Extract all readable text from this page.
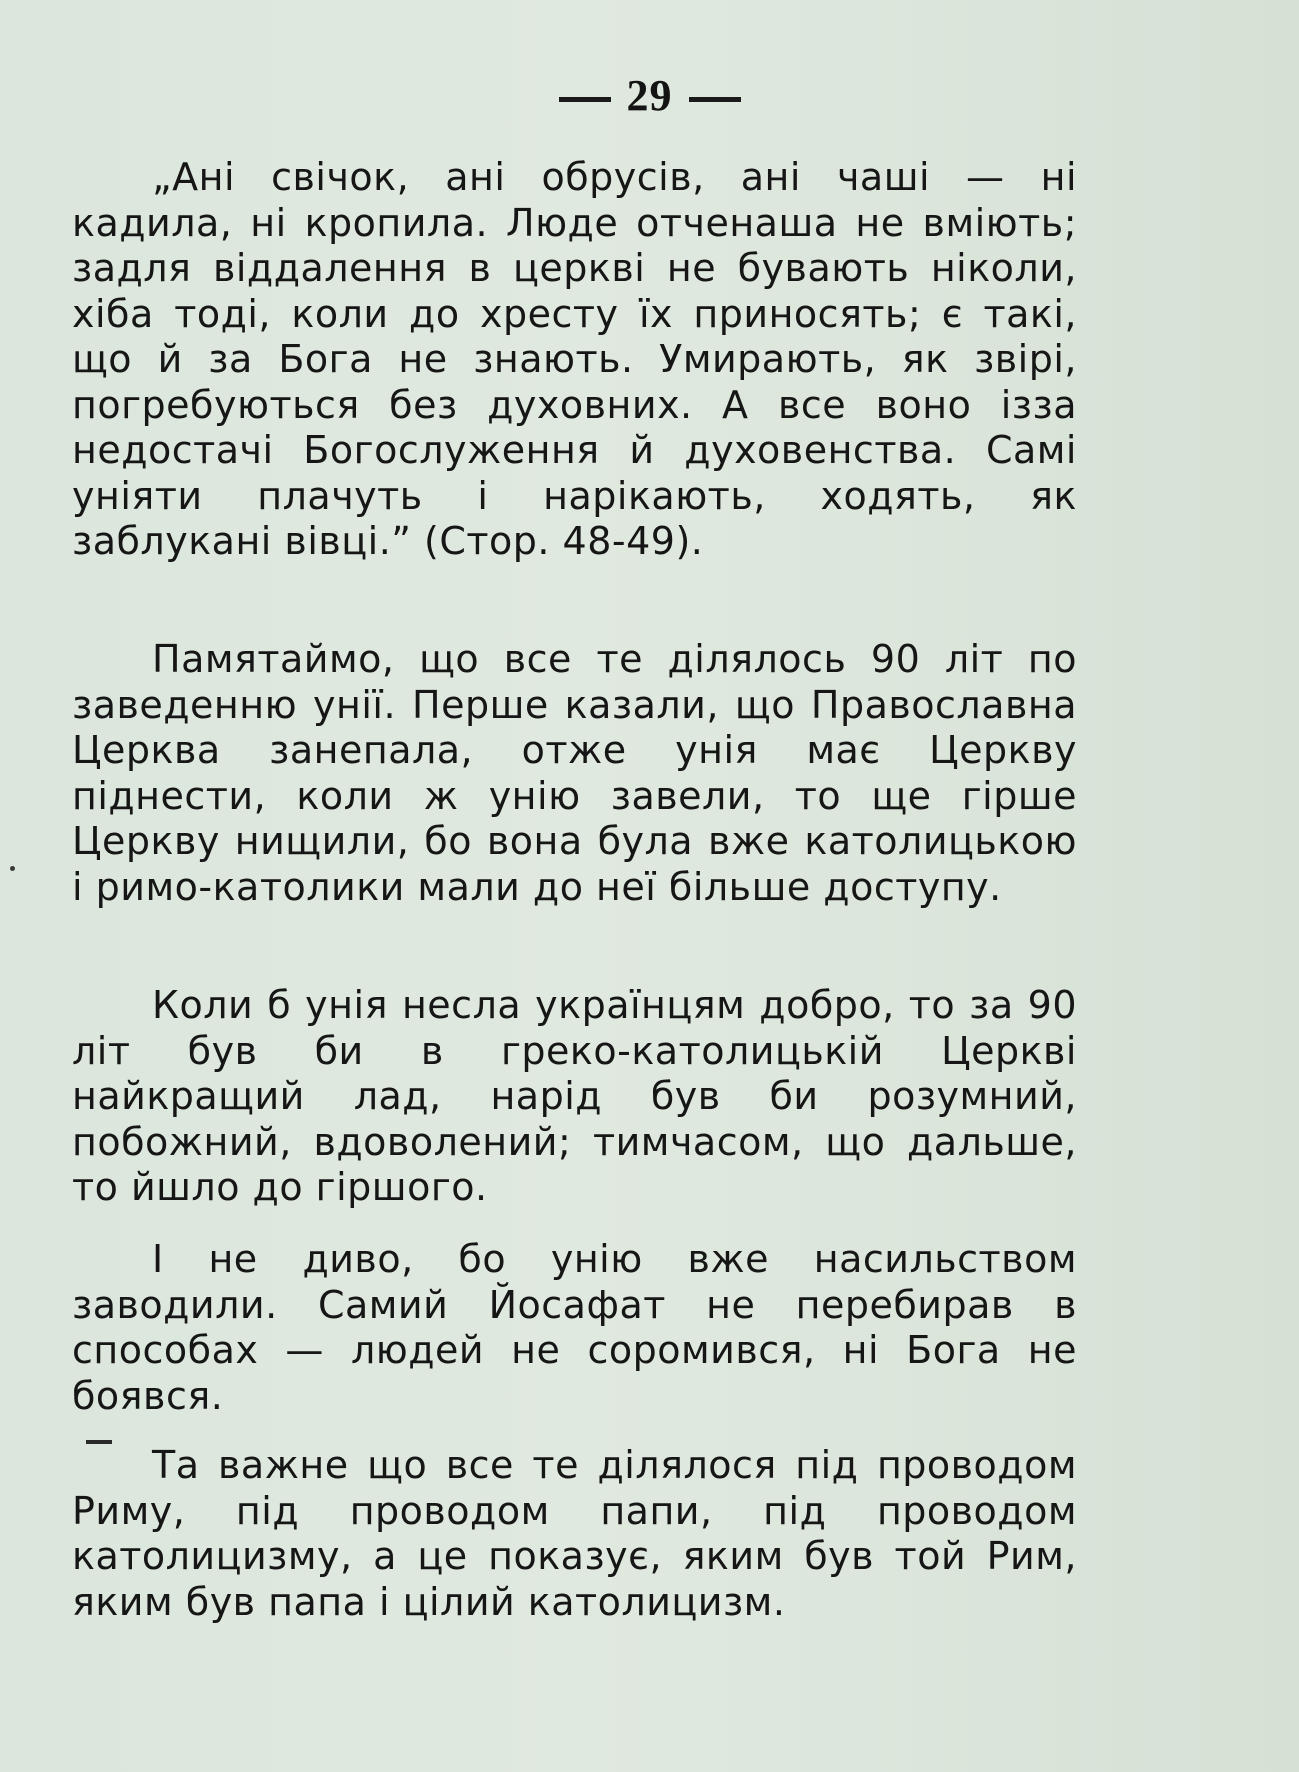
29

„Ані свічок, ані обрусів, ані чаші — ні кадила, ні кропила. Люде отченаша не вміють; задля віддалення в церкві не бувають ніколи, хіба тоді, коли до хресту їх приносять; є такі, що й за Бога не знають. Умирають, як звірі, погребуються без духовних. А все воно ізза недостачі Богослуження й духовенства. Самі уніяти плачуть і нарікають, ходять, як заблукані вівці.” (Стор. 48-49).

Памятаймо, що все те ділялось 90 літ по заведенню унії. Перше казали, що Православна Церква занепала, отже унія має Церкву піднести, коли ж унію завели, то ще гірше Церкву нищили, бо вона була вже католицькою і римо-католики мали до неї більше доступу.

Коли б унія несла українцям добро, то за 90 літ був би в греко-католицькій Церкві найкращий лад, нарід був би розумний, побожний, вдоволений; тимчасом, що дальше, то йшло до гіршого.

І не диво, бо унію вже насильством заводили. Самий Йосафат не перебирав в способах — людей не соромився, ні Бога не боявся.

Та важне що все те ділялося під проводом Риму, під проводом папи, під проводом католицизму, а це показує, яким був той Рим, яким був папа і цілий католицизм.
